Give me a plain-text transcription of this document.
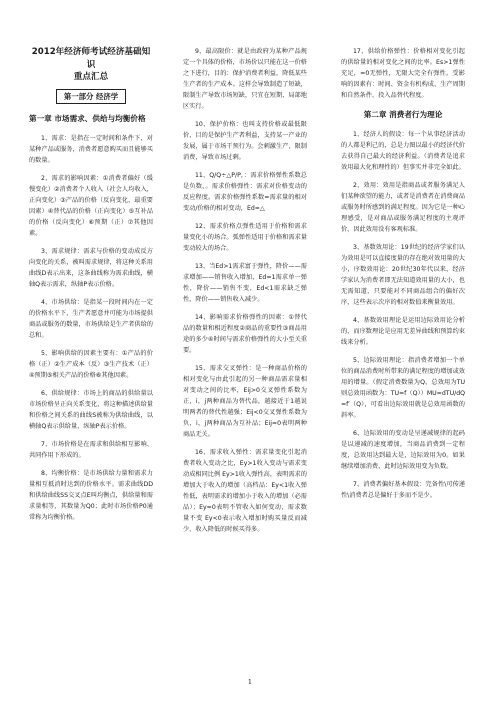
2012年经济师考试经济基础知识
重点汇总
第一部分 经济学
第一章 市场需求、供给与均衡价格
1、需求：是指在一定时间和条件下，对某种产品或服务，消费者愿意购买而且能够买的数量。
2、需求的影响因素：①消费者偏好（缓慢变化）②消费者个人收入（社会人均收入，正向变化）③产品的价格（反向变化，最重要因素）④替代品的价格（正向变化）⑤互补品的价格（反向变化）⑥预期（正）⑦其他因素。
3、需求规律：需求与价格的变动成反方向变化的关系，被叫需求规律，将这种关系用曲线D表示出来，这条曲线称为需求曲线，横轴Q表示需求，纵轴P表示价格。
4、市场供给：是指某一段时间内在一定的价格水平下，生产者愿意并可能为市场提供商品或服务的数量，市场供给是生产者供给的总和。
5、影响供给的因素主要有：①产品的价格（正）②生产成本（反）③生产技术（正）④预期⑤相关产品的价格⑥其他因素。
6、供给规律：市场上的商品的供给量以市场价格呈正向关系变化，将这种描述供给量和价格之间关系的曲线S被称为供给曲线，以横轴Q表示供给量，纵轴P表示价格。
7、市场价格是在需求和供给相互影响、共同作用下形成的。
8、均衡价格：是市场供给力量和需求力量相互抵消时达到的价格水平。需求曲线DD和供给曲线SS交叉点E叫均衡点，供给量和需求量相等，其数量为Q0；此时市场价格P0通常称为均衡价格。
9、最高限价：就是由政府为某种产品规定一个具体的价格，市场价以只能在这一价格之下进行，目的：保护消费者利益，降低某些生产者的生产成本。这样会导致制造了短缺，限制生产导致市场短缺，只宜在短期、局部地区实行。
10、保护价格：也叫支持价格或最低限价，目的是保护生产者利益，支持某一产业的发展，属于市场干预行为。会刺激生产，限制消费，导致市场过剩。
11、Q/Q÷△P/P，：需求价格弹性系数总是负数，。需求价格弹性：需求对价格变动的反应程度。需求价格弹性系数=需求量的相对变动/价格的相对变动，Ed=△
12、需求价格点弹性适用于价格和需求量变化小的场合。弧弹性适用于价格和需求量变动较大的场合。
13、当Ed>1需求富于弹性，降价——需求增加——销售收入增加，Ed=1需求单一弹性，降价——销售不变，Ed<1需求缺乏弹性，降价——销售收入减少。
14、影响需求价格弹性的因素：①替代品的数量和相近程度②商品的重要性③商品用途的多少④时间与需求价格弹性的大小至关重要。
15、需求交叉弹性：是一种商品价格的相对变化与由此引起的另一种商品需求量相 对变动之间的比率，Eij>0交叉弹性系数为正，i，j两种商品为替代品，越接近于1越说明两者的替代性越强；Eij<0交叉弹性系数为负，i，j两种商品为互补品；Eij=0表明两种商品无关。
16、需求收入弹性：需求量变化引起消费者收入变动之比，Ey>1收入变动与需求变动成相同比例 Ey>1收入弹性高，表明需求的增加大于收入的增加（高档品：Ey<1收入弹性低，表明需求的增加小于收入的增加（必需品）；Ey=0表明不管收入如何变动，需求数量不变 Ey<0表示收入增加时购买量反而减少，收入降低的时候买得多。
17、供给价格弹性：价格相对变化引起的供给量的相对变化之间的比率。Es>1弹性充足，=0无弹性，无限大完全有弹性。受影响的因素有：时间、资金有机构成、生产周期和自然条件、投入品替代程度。
第二章 消费者行为理论
1、经济人的假设：每一个从事经济活动的人都是利己的，总是力图以最小的经济代价去获得自己最大的经济利益。（消费者是追求效用最大化和理性的）但事实并非完全如此。
2、效用：效用是指商品或者服务满足人们某种欲望的能力，或者是消费者在消费商品或服务时所感到的满足程度。因为它是一种心理感受，是对商品或服务满足程度的主观评价，因此效用没有客观标准。
3、基数效用论：19世纪的经济学家们认为效用是可以直接度量的存在绝对效用量的大小，序数效用论：20世纪30年代以来，经济学家认为消费者即无法知道效用量的大小，也无需知道，只要能对不同商品组合的偏好次序，这些表示次序的相对数值来衡量效用。
4、基数效用理论是运用边际效用论分析的，而序数理论是应用无差异曲线和预算约束线来分析。
5、边际效用理论：指消费者增加一个单位的商品消费时所带来的满足程度的增加或效用的增量。（假定消费数量为Q，总效用为TU则总效用函数为：TU=f（Q））MU=dTU/dQ=f′（Q），可看出边际效用就是总效用函数的斜率。
6、边际效用的变动是呈递减规律的起码是以递减的速度增加，当商品消费到一定程度，总效用达到最大是，边际效用为0。如果继续增加消费，此时边际效用变为负数。
7、消费者偏好基本假设：完备性\可传递性\消费者总是偏好于多而不是少。
1
